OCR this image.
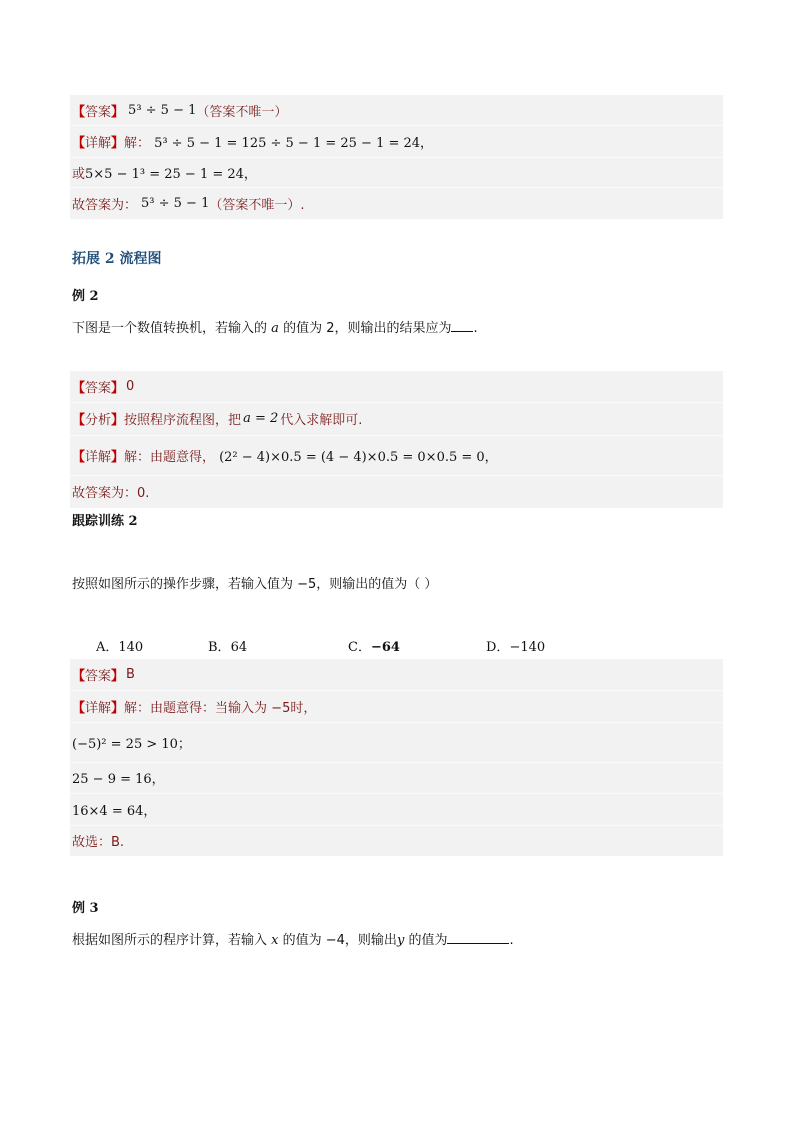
【 答案 】 5³ ÷ 5 − 1 （答案不唯一）
【 详解 】 解： 5³ ÷ 5 − 1 = 125 ÷ 5 − 1 = 25 − 1 = 24，
或 5×5 − 1³ = 25 − 1 = 24，
故答案为： 5³ ÷ 5 − 1 （答案不唯一）.
拓展 2 流程图
例 2
下图是一个数值转换机，若输入的 a 的值为 2，则输出的结果应为 .
【 答案 】 0
【 分析 】 按照程序流程图，把 a = 2 代入求解即可.
【 详解 】 解：由题意得， (2² − 4)×0.5 = (4 − 4)×0.5 = 0×0.5 = 0，
故答案为：0.
跟踪训练 2
按照如图所示的操作步骤，若输入值为 −5，则输出的值为（ ）
A．140	B．64	C．−64	D．−140
【 答案 】 B
【 详解 】 解：由题意得：当输入为 −5时，
(−5)² = 25 > 10；
25 − 9 = 16，
16×4 = 64，
故选：B.
例 3
根据如图所示的程序计算，若输入 x 的值为 −4，则输出y 的值为	.
